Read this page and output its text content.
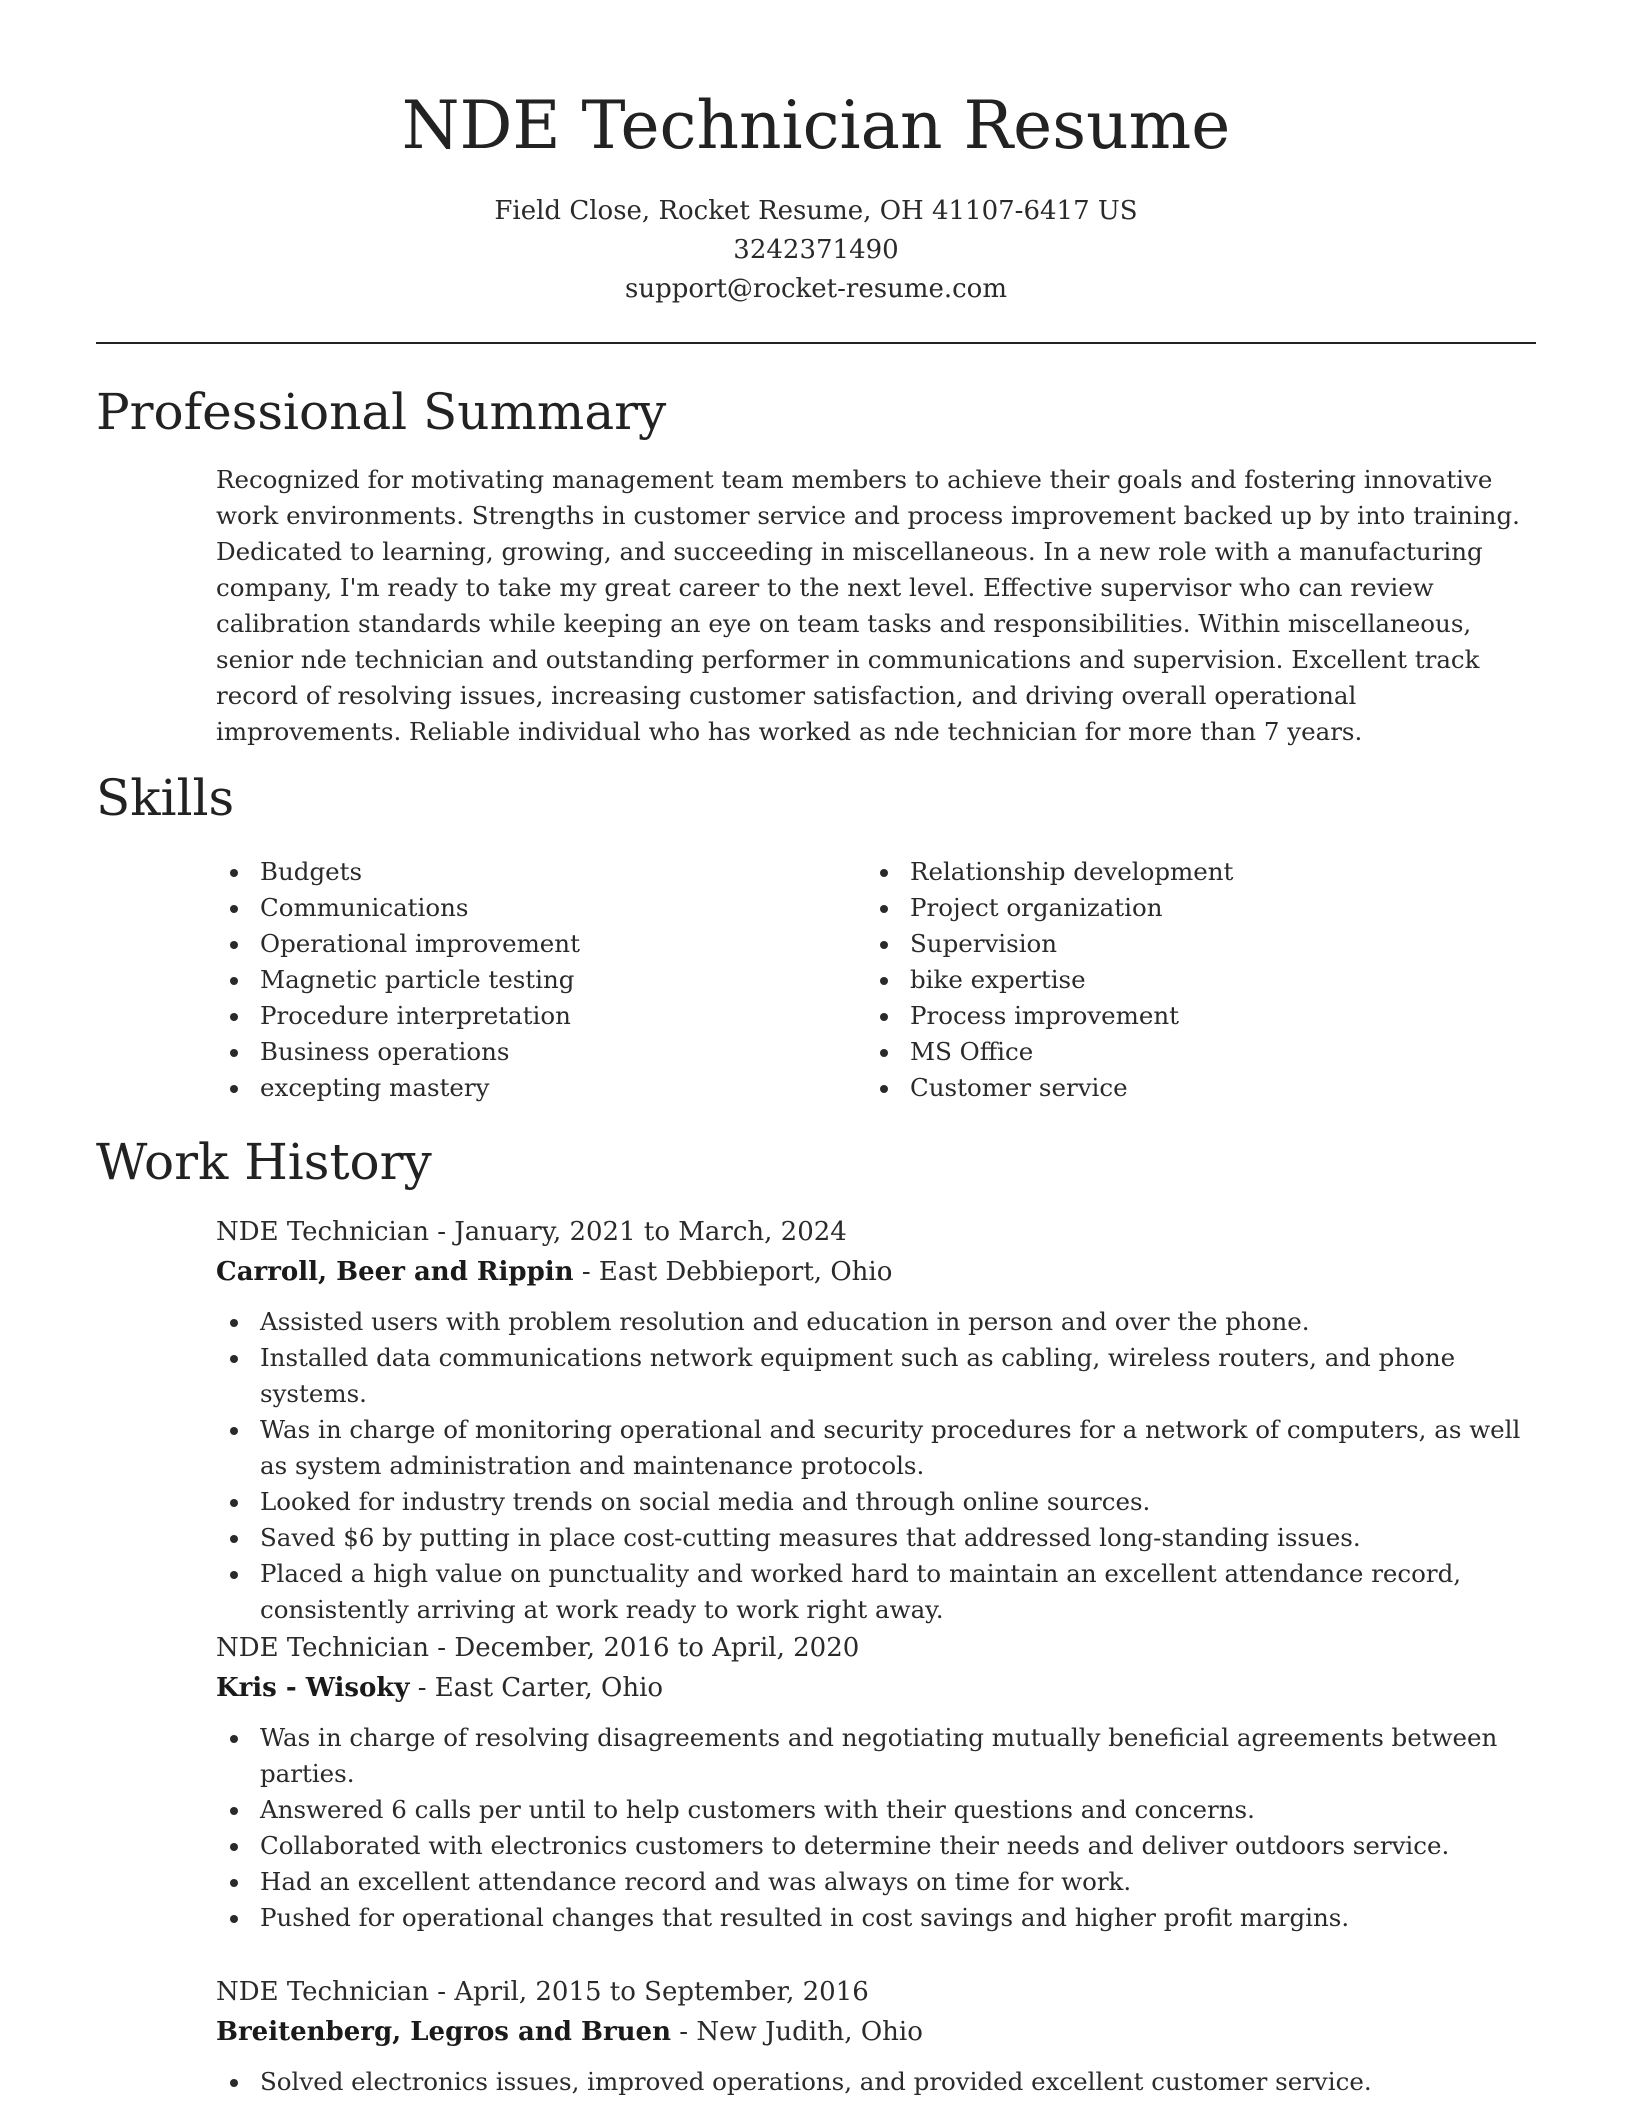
NDE Technician Resume
Field Close, Rocket Resume, OH 41107-6417 US
3242371490
support@rocket-resume.com
Professional Summary

Recognized for motivating management team members to achieve their goals and fostering innovative work environments. Strengths in customer service and process improvement backed up by into training. Dedicated to learning, growing, and succeeding in miscellaneous. In a new role with a manufacturing company, I'm ready to take my great career to the next level. Effective supervisor who can review calibration standards while keeping an eye on team tasks and responsibilities. Within miscellaneous, senior nde technician and outstanding performer in communications and supervision. Excellent track record of resolving issues, increasing customer satisfaction, and driving overall operational improvements. Reliable individual who has worked as nde technician for more than 7 years.

Skills
Budgets
Communications
Operational improvement
Magnetic particle testing
Procedure interpretation
Business operations
excepting mastery
Relationship development
Project organization
Supervision
bike expertise
Process improvement
MS Office
Customer service
Work History
NDE Technician - January, 2021 to March, 2024
Carroll, Beer and Rippin - East Debbieport, Ohio
Assisted users with problem resolution and education in person and over the phone.
Installed data communications network equipment such as cabling, wireless routers, and phone systems.
Was in charge of monitoring operational and security procedures for a network of computers, as well as system administration and maintenance protocols.
Looked for industry trends on social media and through online sources.
Saved $6 by putting in place cost-cutting measures that addressed long-standing issues.
Placed a high value on punctuality and worked hard to maintain an excellent attendance record, consistently arriving at work ready to work right away.
NDE Technician - December, 2016 to April, 2020
Kris - Wisoky - East Carter, Ohio
Was in charge of resolving disagreements and negotiating mutually beneficial agreements between parties.
Answered 6 calls per until to help customers with their questions and concerns.
Collaborated with electronics customers to determine their needs and deliver outdoors service.
Had an excellent attendance record and was always on time for work.
Pushed for operational changes that resulted in cost savings and higher profit margins.
NDE Technician - April, 2015 to September, 2016
Breitenberg, Legros and Bruen - New Judith, Ohio
Solved electronics issues, improved operations, and provided excellent customer service.
